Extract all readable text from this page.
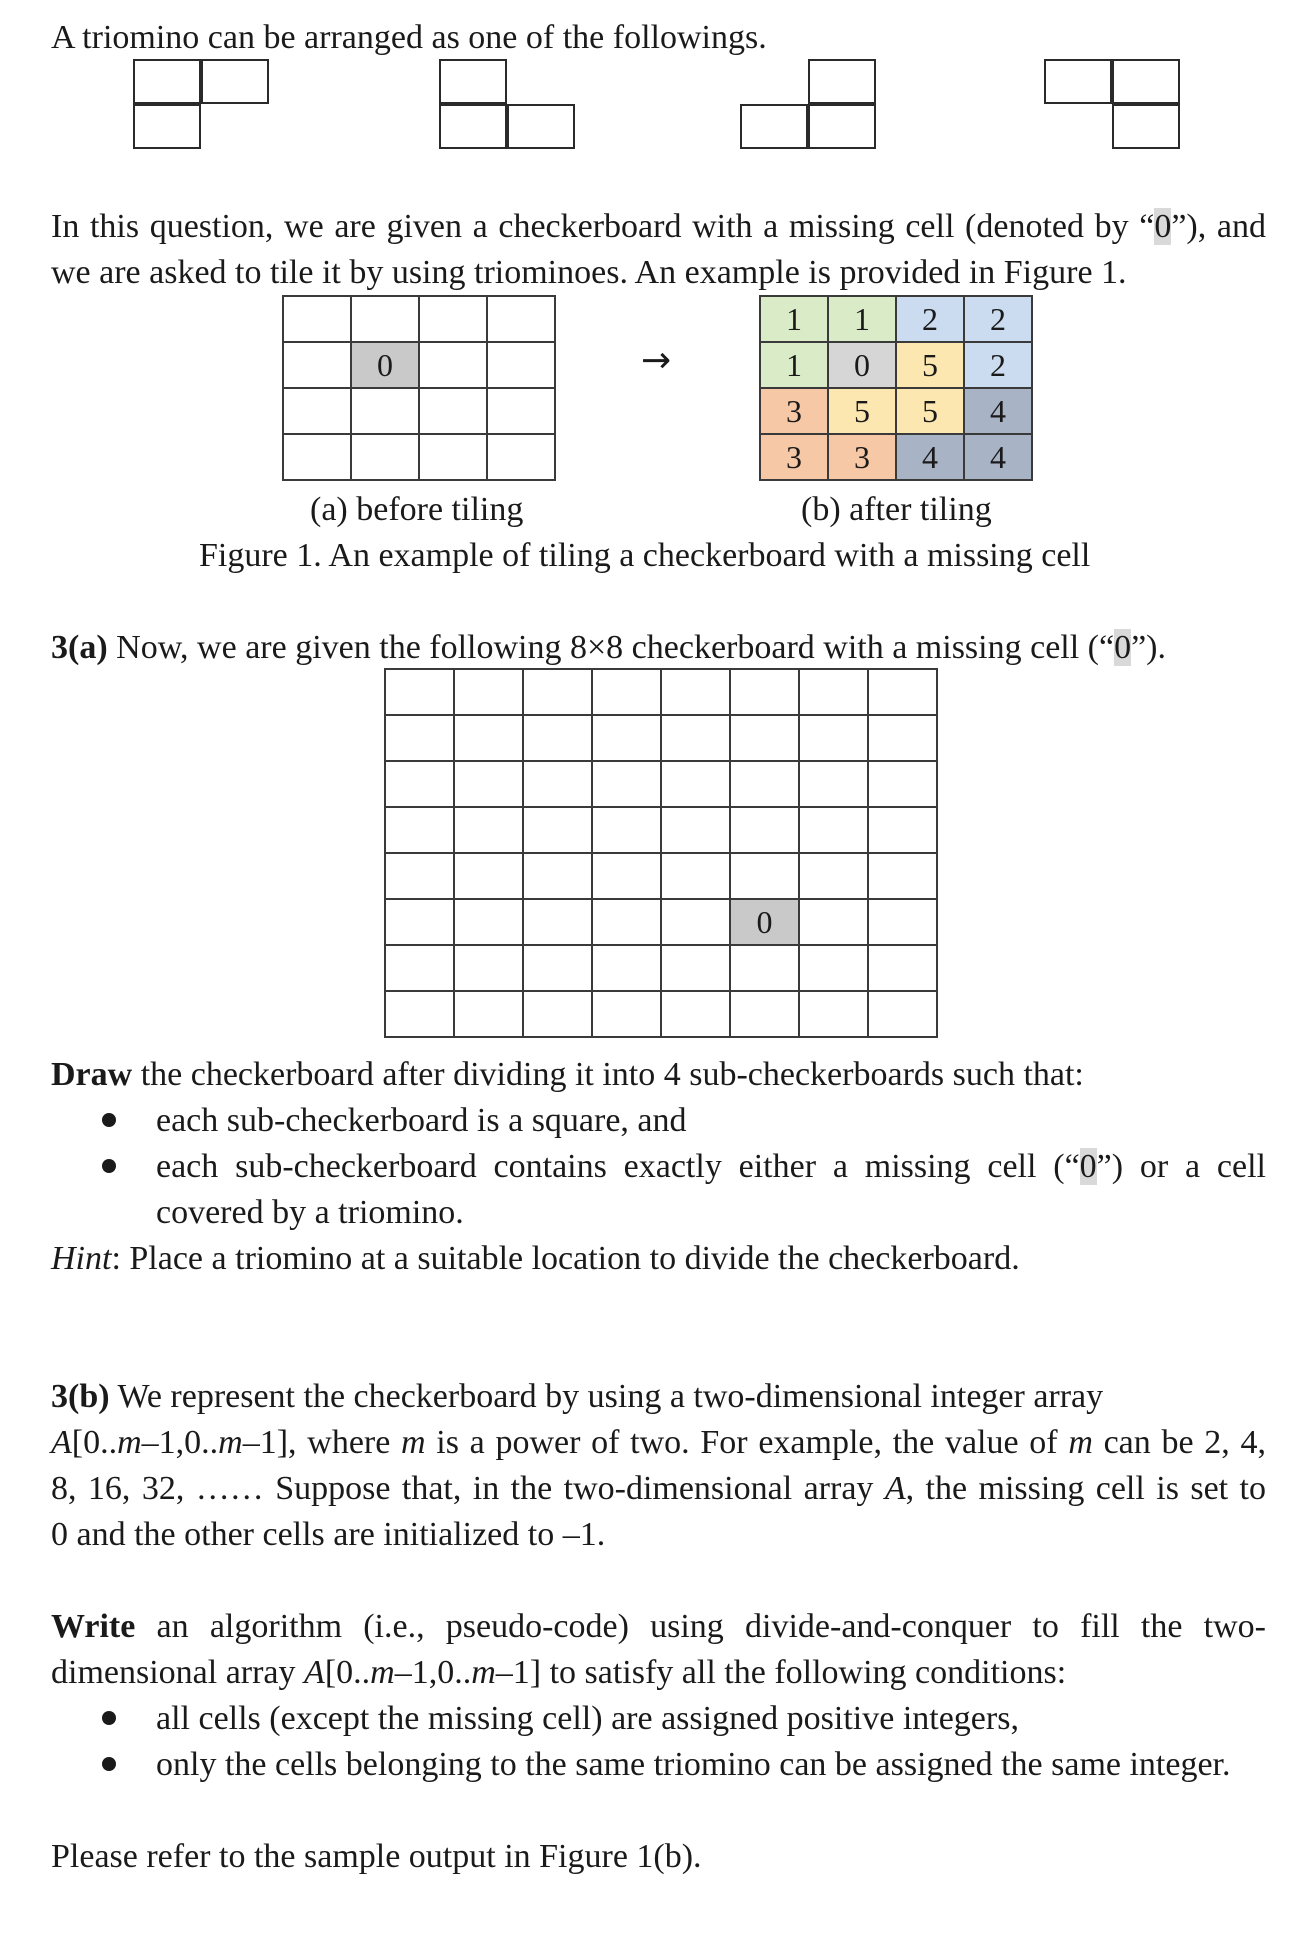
A triomino can be arranged as one of the followings.

In this question, we are given a checkerboard with a missing cell (denoted by “0”), and

we are asked to tile it by using triominoes. An example is provided in Figure 1.

	0		

				→
1	1	2	2
1	0	5	2
3	5	5	4
3	3	4	4

(a) before tiling	(b) after tiling

Figure 1. An example of tiling a checkerboard with a missing cell

3(a) Now, we are given the following 8×8 checkerboard with a missing cell (“0”).

					0		

Draw the checkerboard after dividing it into 4 sub-checkerboards such that:

each sub-checkerboard is a square, and

each sub-checkerboard contains exactly either a missing cell (“0”) or a cell

covered by a triomino.

Hint: Place a triomino at a suitable location to divide the checkerboard.

3(b) We represent the checkerboard by using a two-dimensional integer array

A[0..m–1,0..m–1], where m is a power of two. For example, the value of m can be 2, 4,

8, 16, 32, …… Suppose that, in the two-dimensional array A, the missing cell is set to

0 and the other cells are initialized to –1.

Write an algorithm (i.e., pseudo-code) using divide-and-conquer to fill the two-

dimensional array A[0..m–1,0..m–1] to satisfy all the following conditions:

all cells (except the missing cell) are assigned positive integers,

only the cells belonging to the same triomino can be assigned the same integer.

Please refer to the sample output in Figure 1(b).
